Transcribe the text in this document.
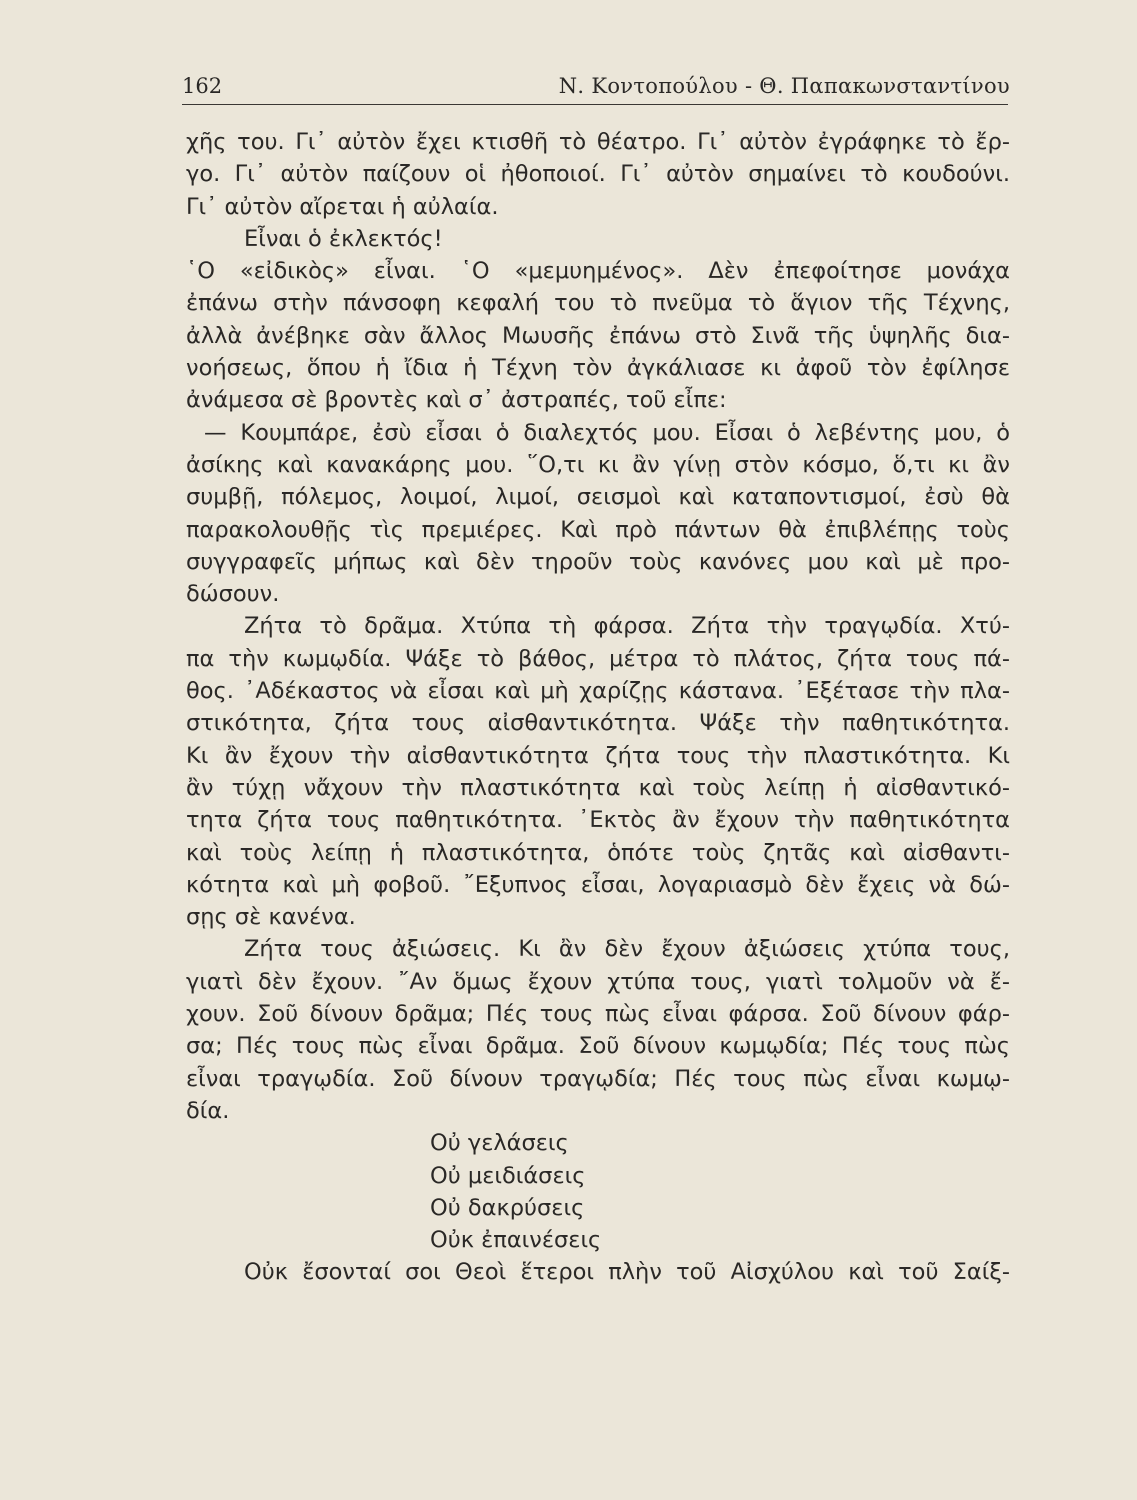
162	Ν. Κοντοπούλου - Θ. Παπακωνσταντίνου
χῆς του. Γι᾿ αὐτὸν ἔχει κτισθῆ τὸ θέατρο. Γι᾿ αὐτὸν ἐγράφηκε τὸ ἔρ-
γο. Γι᾿ αὐτὸν παίζουν οἱ ἠθοποιοί. Γι᾿ αὐτὸν σημαίνει τὸ κουδούνι.
Γι᾿ αὐτὸν αἴρεται ἡ αὐλαία.
Εἶναι ὁ ἐκλεκτός!
῾Ο «εἰδικὸς» εἶναι. ῾Ο «μεμυημένος». Δὲν ἐπεφοίτησε μονάχα
ἐπάνω στὴν πάνσοφη κεφαλή του τὸ πνεῦμα τὸ ἅγιον τῆς Τέχνης,
ἀλλὰ ἀνέβηκε σὰν ἄλλος Μωυσῆς ἐπάνω στὸ Σινᾶ τῆς ὑψηλῆς δια-
νοήσεως, ὅπου ἡ ἴδια ἡ Τέχνη τὸν ἀγκάλιασε κι ἀφοῦ τὸν ἐφίλησε
ἀνάμεσα σὲ βροντὲς καὶ σ᾿ ἀστραπές, τοῦ εἶπε:
— Κουμπάρε, ἐσὺ εἶσαι ὁ διαλεχτός μου. Εἶσαι ὁ λεβέντης μου, ὁ
ἀσίκης καὶ κανακάρης μου. ῞Ο,τι κι ἂν γίνῃ στὸν κόσμο, ὅ,τι κι ἂν
συμβῇ, πόλεμος, λοιμοί, λιμοί, σεισμοὶ καὶ καταποντισμοί, ἐσὺ θὰ
παρακολουθῇς τὶς πρεμιέρες. Καὶ πρὸ πάντων θὰ ἐπιβλέπῃς τοὺς
συγγραφεῖς μήπως καὶ δὲν τηροῦν τοὺς κανόνες μου καὶ μὲ προ-
δώσουν.
Ζήτα τὸ δρᾶμα. Χτύπα τὴ φάρσα. Ζήτα τὴν τραγῳδία. Χτύ-
πα τὴν κωμῳδία. Ψάξε τὸ βάθος, μέτρα τὸ πλάτος, ζήτα τους πά-
θος. ᾿Αδέκαστος νὰ εἶσαι καὶ μὴ χαρίζῃς κάστανα. ᾿Εξέτασε τὴν πλα-
στικότητα, ζήτα τους αἰσθαντικότητα. Ψάξε τὴν παθητικότητα.
Κι ἂν ἔχουν τὴν αἰσθαντικότητα ζήτα τους τὴν πλαστικότητα. Κι
ἂν τύχῃ νἄχουν τὴν πλαστικότητα καὶ τοὺς λείπῃ ἡ αἰσθαντικό-
τητα ζήτα τους παθητικότητα. ᾿Εκτὸς ἂν ἔχουν τὴν παθητικότητα
καὶ τοὺς λείπῃ ἡ πλαστικότητα, ὁπότε τοὺς ζητᾶς καὶ αἰσθαντι-
κότητα καὶ μὴ φοβοῦ. ῎Εξυπνος εἶσαι, λογαριασμὸ δὲν ἔχεις νὰ δώ-
σῃς σὲ κανένα.
Ζήτα τους ἀξιώσεις. Κι ἂν δὲν ἔχουν ἀξιώσεις χτύπα τους,
γιατὶ δὲν ἔχουν. ῎Αν ὅμως ἔχουν χτύπα τους, γιατὶ τολμοῦν νὰ ἔ-
χουν. Σοῦ δίνουν δρᾶμα; Πές τους πὼς εἶναι φάρσα. Σοῦ δίνουν φάρ-
σα; Πές τους πὼς εἶναι δρᾶμα. Σοῦ δίνουν κωμῳδία; Πές τους πὼς
εἶναι τραγῳδία. Σοῦ δίνουν τραγῳδία; Πές τους πὼς εἶναι κωμῳ-
δία.
Οὐ γελάσεις
Οὐ μειδιάσεις
Οὐ δακρύσεις
Οὐκ ἐπαινέσεις
Οὐκ ἔσονταί σοι Θεοὶ ἕτεροι πλὴν τοῦ Αἰσχύλου καὶ τοῦ Σαίξ-
